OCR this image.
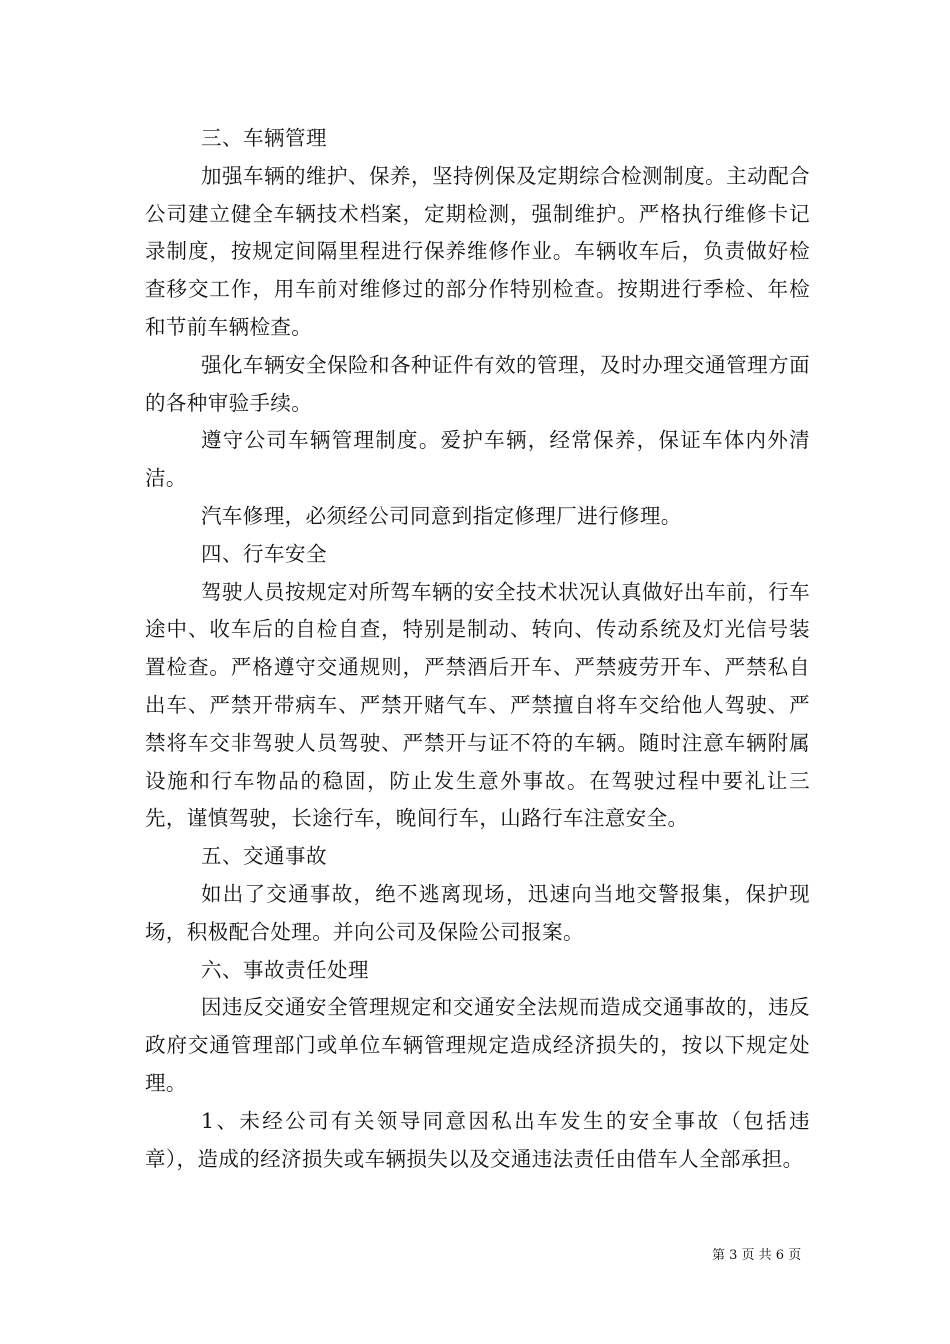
三、车辆管理

加强车辆的维护、保养，坚持例保及定期综合检测制度。主动配合公司建立健全车辆技术档案，定期检测，强制维护。严格执行维修卡记录制度，按规定间隔里程进行保养维修作业。车辆收车后，负责做好检查移交工作，用车前对维修过的部分作特别检查。按期进行季检、年检和节前车辆检查。

强化车辆安全保险和各种证件有效的管理，及时办理交通管理方面的各种审验手续。

遵守公司车辆管理制度。爱护车辆，经常保养，保证车体内外清洁。

汽车修理，必须经公司同意到指定修理厂进行修理。

四、行车安全

驾驶人员按规定对所驾车辆的安全技术状况认真做好出车前，行车途中、收车后的自检自查，特别是制动、转向、传动系统及灯光信号装置检查。严格遵守交通规则，严禁酒后开车、严禁疲劳开车、严禁私自出车、严禁开带病车、严禁开赌气车、严禁擅自将车交给他人驾驶、严禁将车交非驾驶人员驾驶、严禁开与证不符的车辆。随时注意车辆附属设施和行车物品的稳固，防止发生意外事故。在驾驶过程中要礼让三先，谨慎驾驶，长途行车，晚间行车，山路行车注意安全。

五、交通事故

如出了交通事故，绝不逃离现场，迅速向当地交警报集，保护现场，积极配合处理。并向公司及保险公司报案。

六、事故责任处理

因违反交通安全管理规定和交通安全法规而造成交通事故的，违反政府交通管理部门或单位车辆管理规定造成经济损失的，按以下规定处理。

1、未经公司有关领导同意因私出车发生的安全事故（包括违章），造成的经济损失或车辆损失以及交通违法责任由借车人全部承担。

第 3 页 共 6 页
